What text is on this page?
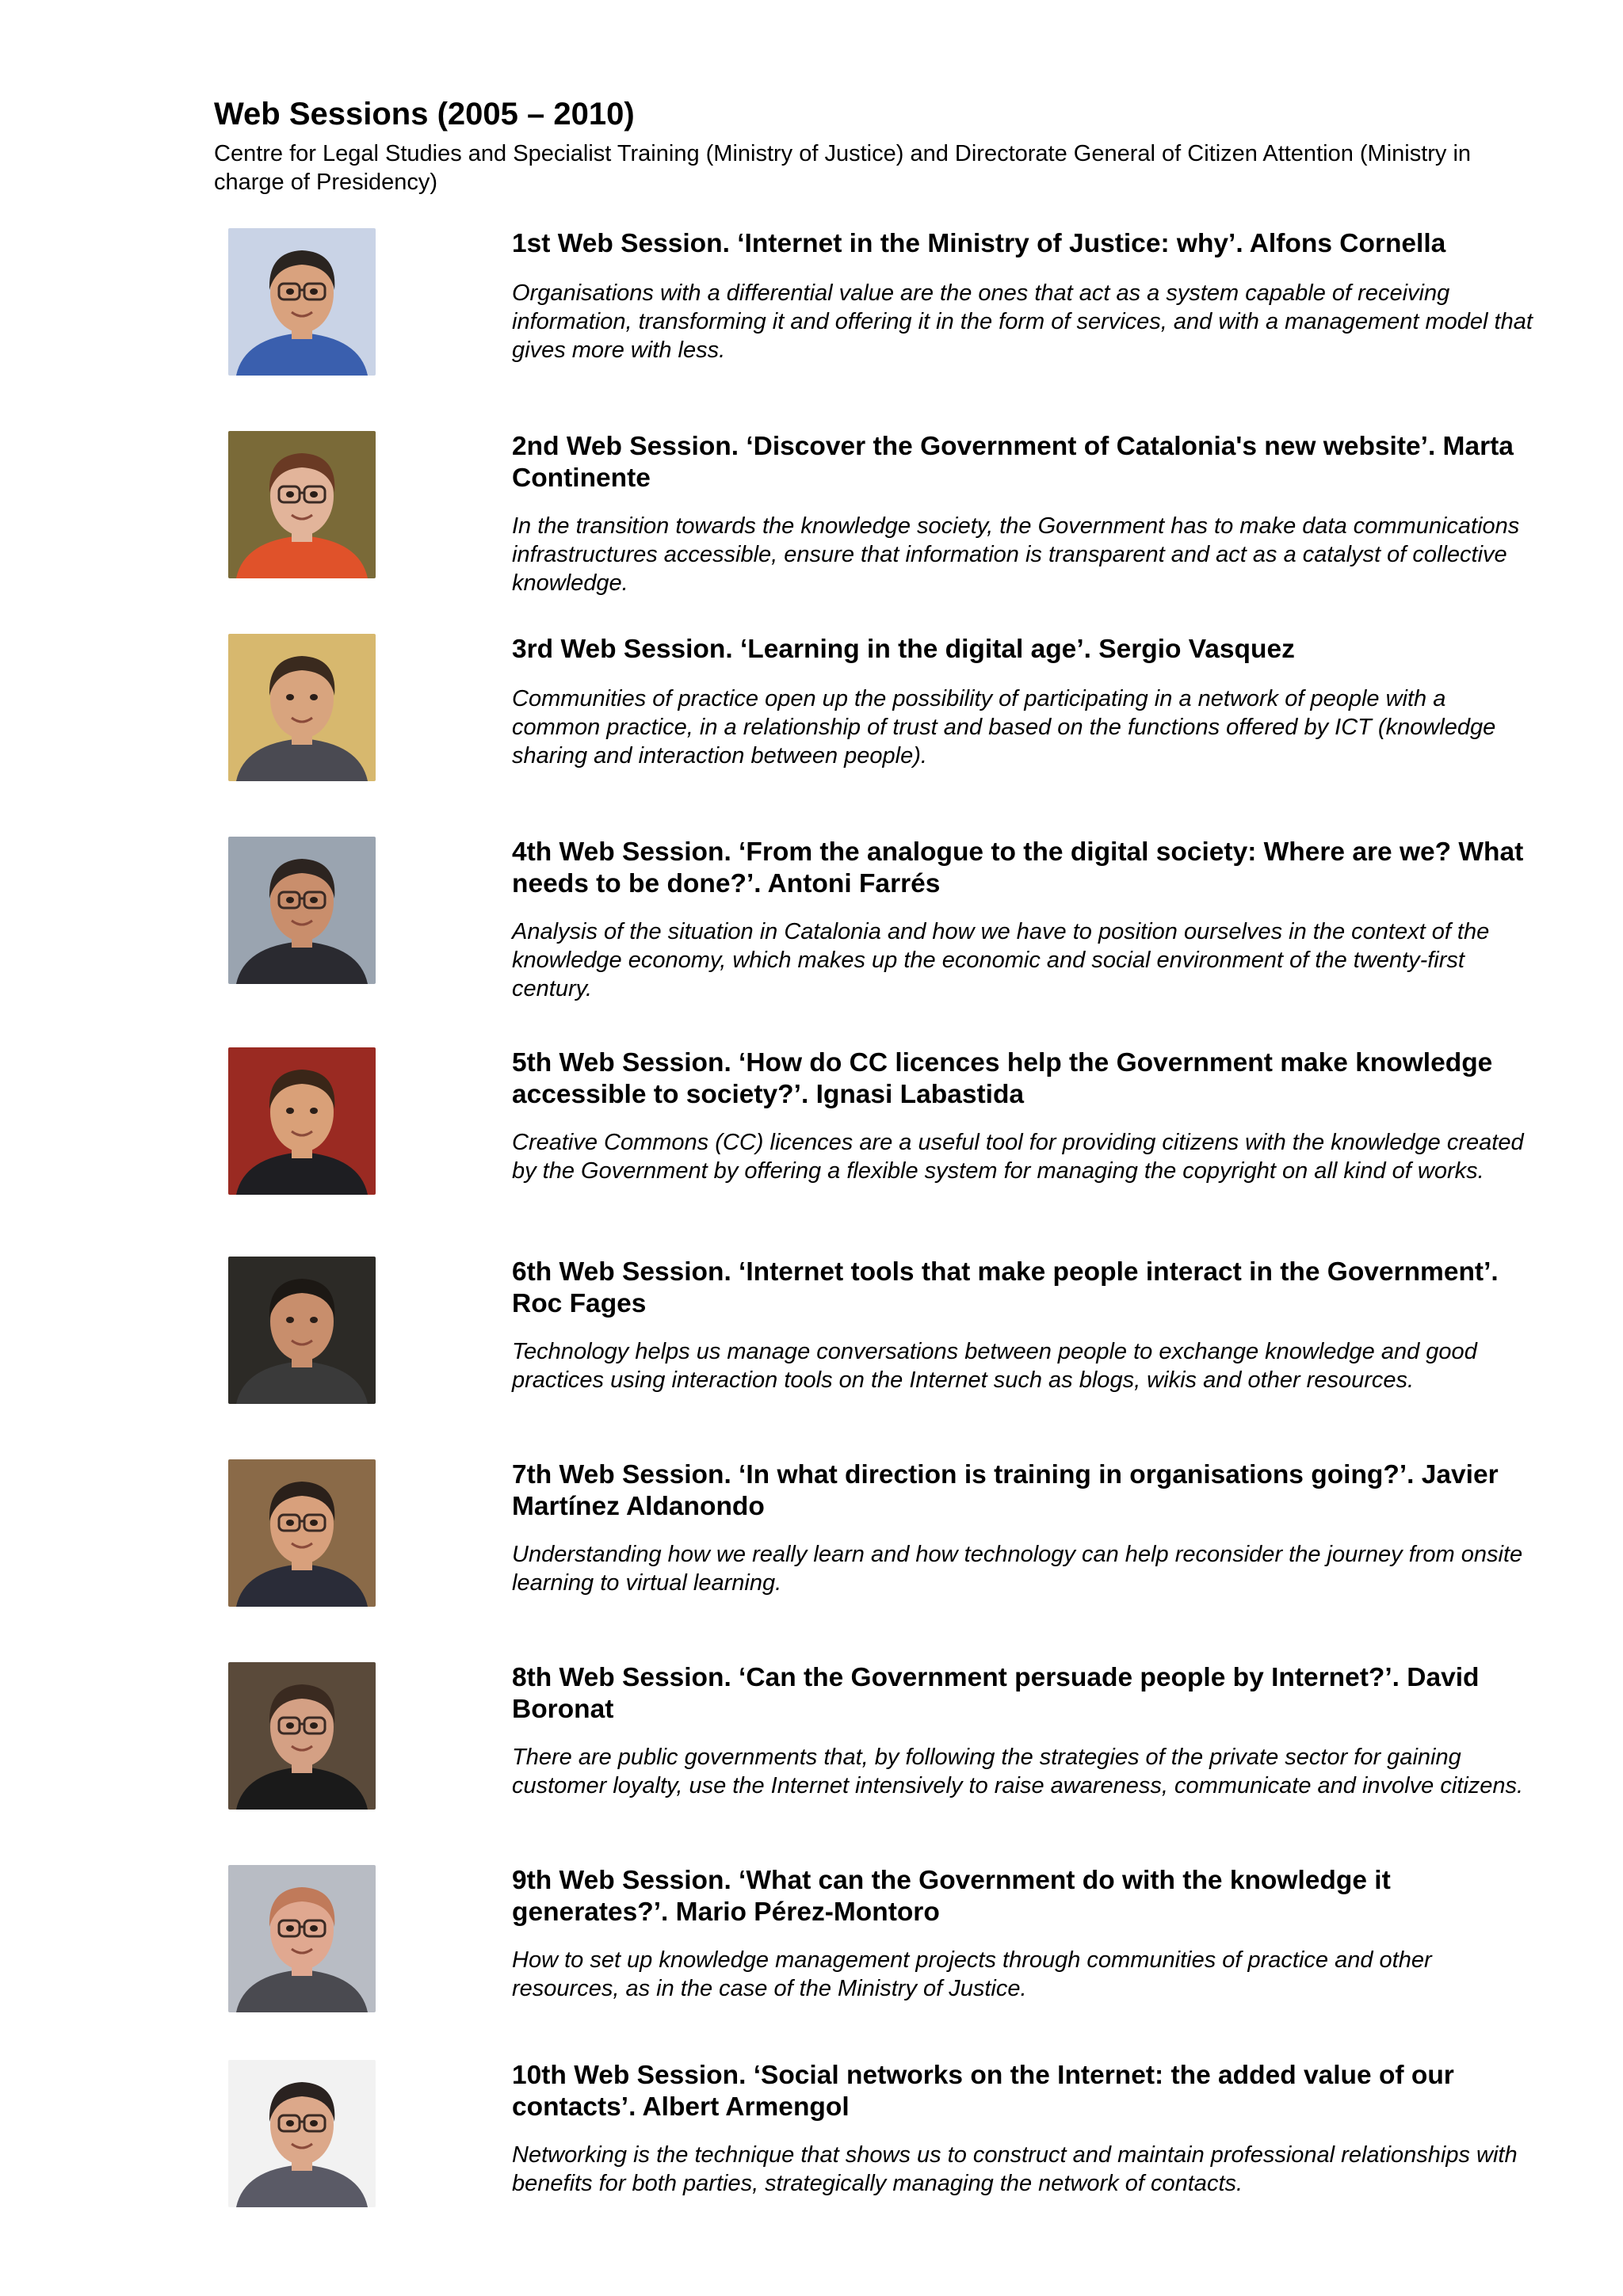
Web Sessions (2005 – 2010)

Centre for Legal Studies and Specialist Training (Ministry of Justice) and Directorate General of Citizen Attention (Ministry in charge of Presidency)

1st Web Session. ‘Internet in the Ministry of Justice: why’. Alfons Cornella

Organisations with a differential value are the ones that act as a system capable of receiving information, transforming it and offering it in the form of services, and with a management model that gives more with less.

2nd Web Session. ‘Discover the Government of Catalonia's new website’. Marta Continente

In the transition towards the knowledge society, the Government has to make data communications infrastructures accessible, ensure that information is transparent and act as a catalyst of collective knowledge.

3rd Web Session. ‘Learning in the digital age’. Sergio Vasquez

Communities of practice open up the possibility of participating in a network of people with a common practice, in a relationship of trust and based on the functions offered by ICT (knowledge sharing and interaction between people).

4th Web Session. ‘From the analogue to the digital society: Where are we? What needs to be done?’. Antoni Farrés

Analysis of the situation in Catalonia and how we have to position ourselves in the context of the knowledge economy, which makes up the economic and social environment of the twenty-first century.

5th Web Session. ‘How do CC licences help the Government make knowledge accessible to society?’. Ignasi Labastida

Creative Commons (CC) licences are a useful tool for providing citizens with the knowledge created by the Government by offering a flexible system for managing the copyright on all kind of works.

6th Web Session. ‘Internet tools that make people interact in the Government’. Roc Fages

Technology helps us manage conversations between people to exchange knowledge and good practices using interaction tools on the Internet such as blogs, wikis and other resources.

7th Web Session. ‘In what direction is training in organisations going?’. Javier Martínez Aldanondo

Understanding how we really learn and how technology can help reconsider the journey from onsite learning to virtual learning.

8th Web Session. ‘Can the Government persuade people by Internet?’. David Boronat

There are public governments that, by following the strategies of the private sector for gaining customer loyalty, use the Internet intensively to raise awareness, communicate and involve citizens.

9th Web Session. ‘What can the Government do with the knowledge it generates?’. Mario Pérez-Montoro

How to set up knowledge management projects through communities of practice and other resources, as in the case of the Ministry of Justice.

10th Web Session. ‘Social networks on the Internet: the added value of our contacts’. Albert Armengol

Networking is the technique that shows us to construct and maintain professional relationships with benefits for both parties, strategically managing the network of contacts.
